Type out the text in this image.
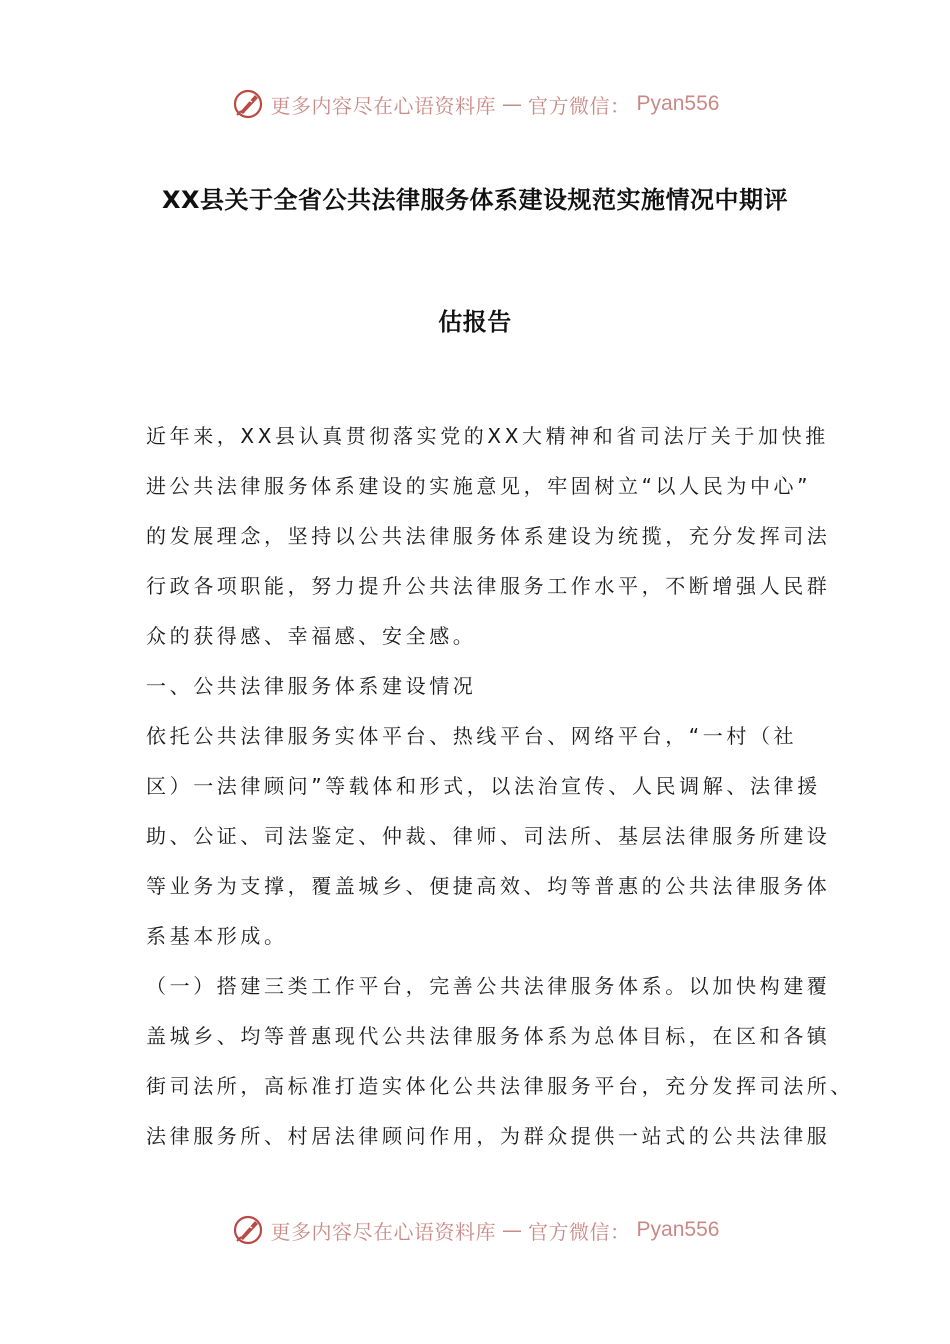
更多内容尽在心语资料库 — 官方微信： Pyan556
XX县关于全省公共法律服务体系建设规范实施情况中期评
估报告
近年来，XX县认真贯彻落实党的XX大精神和省司法厅关于加快推
进公共法律服务体系建设的实施意见，牢固树立“以人民为中心”
的发展理念，坚持以公共法律服务体系建设为统揽，充分发挥司法
行政各项职能，努力提升公共法律服务工作水平，不断增强人民群
众的获得感、幸福感、安全感。
一、公共法律服务体系建设情况
依托公共法律服务实体平台、热线平台、网络平台，“一村（社
区）一法律顾问”等载体和形式，以法治宣传、人民调解、法律援
助、公证、司法鉴定、仲裁、律师、司法所、基层法律服务所建设
等业务为支撑，覆盖城乡、便捷高效、均等普惠的公共法律服务体
系基本形成。
（一）搭建三类工作平台，完善公共法律服务体系。以加快构建覆
盖城乡、均等普惠现代公共法律服务体系为总体目标，在区和各镇
街司法所，高标准打造实体化公共法律服务平台，充分发挥司法所、
法律服务所、村居法律顾问作用，为群众提供一站式的公共法律服
更多内容尽在心语资料库 — 官方微信： Pyan556
